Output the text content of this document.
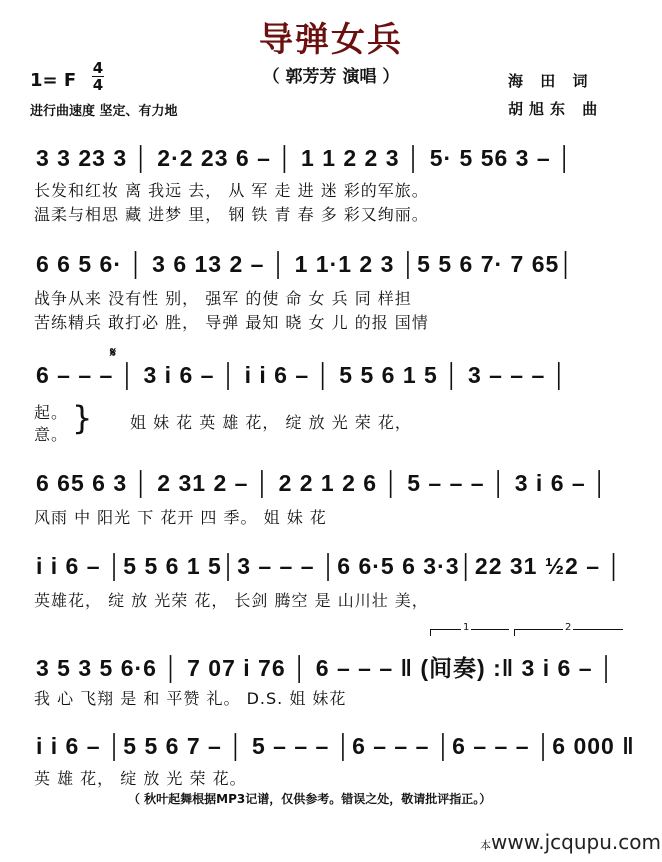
导弹女兵
（ 郭芳芳 演唱 ）
1= F
4
4
进行曲速度 坚定、有力地
海 田 词
胡旭东 曲
3 3 23 3 │ 2·2 23 6 – │ 1 1 2 2 3 │ 5· 5 56 3 – │
长发和红妆 离 我远 去， 从 军 走 进 迷 彩的军旅。
温柔与相思 藏 进梦 里， 钢 铁 青 春 多 彩又绚丽。
6 6 5 6· │ 3 6 13 2 – │ 1 1·1 2 3 │5 5 6 7· 7 65│
战争从来 没有性 别， 强军 的使 命 女 兵 同 样担
苦练精兵 敢打必 胜， 导弹 最知 晓 女 儿 的报 国情
𝄋
6 – – – │ 3 i 6 – │ i i 6 – │ 5 5 6 1 5 │ 3 – – – │
起。
意。 } 姐 妹 花 英 雄 花， 绽 放 光 荣 花，
6 65 6 3 │ 2 31 2 – │ 2 2 1 2 6 │ 5 – – – │ 3 i 6 – │
风雨 中 阳光 下 花开 四 季。 姐 妹 花
i i 6 – │5 5 6 1 5│3 – – – │6 6·5 6 3·3│22 31 ½2 – │
英雄花， 绽 放 光荣 花， 长剑 腾空 是 山川壮 美，
1	2
3 5 3 5 6·6 │ 7 07 i 76 │ 6 – – – ‖ (间奏) :‖ 3 i 6 – │
我 心 飞翔 是 和 平赞 礼。 D.S. 姐 妹花
i i 6 – │5 5 6 7 – │ 5 – – – │6 – – – │6 – – – │6 000 ‖
英 雄 花， 绽 放 光 荣 花。
（ 秋叶起舞根据MP3记谱，仅供参考。错误之处，敬请批评指正。）
本www.jcqupu.com
